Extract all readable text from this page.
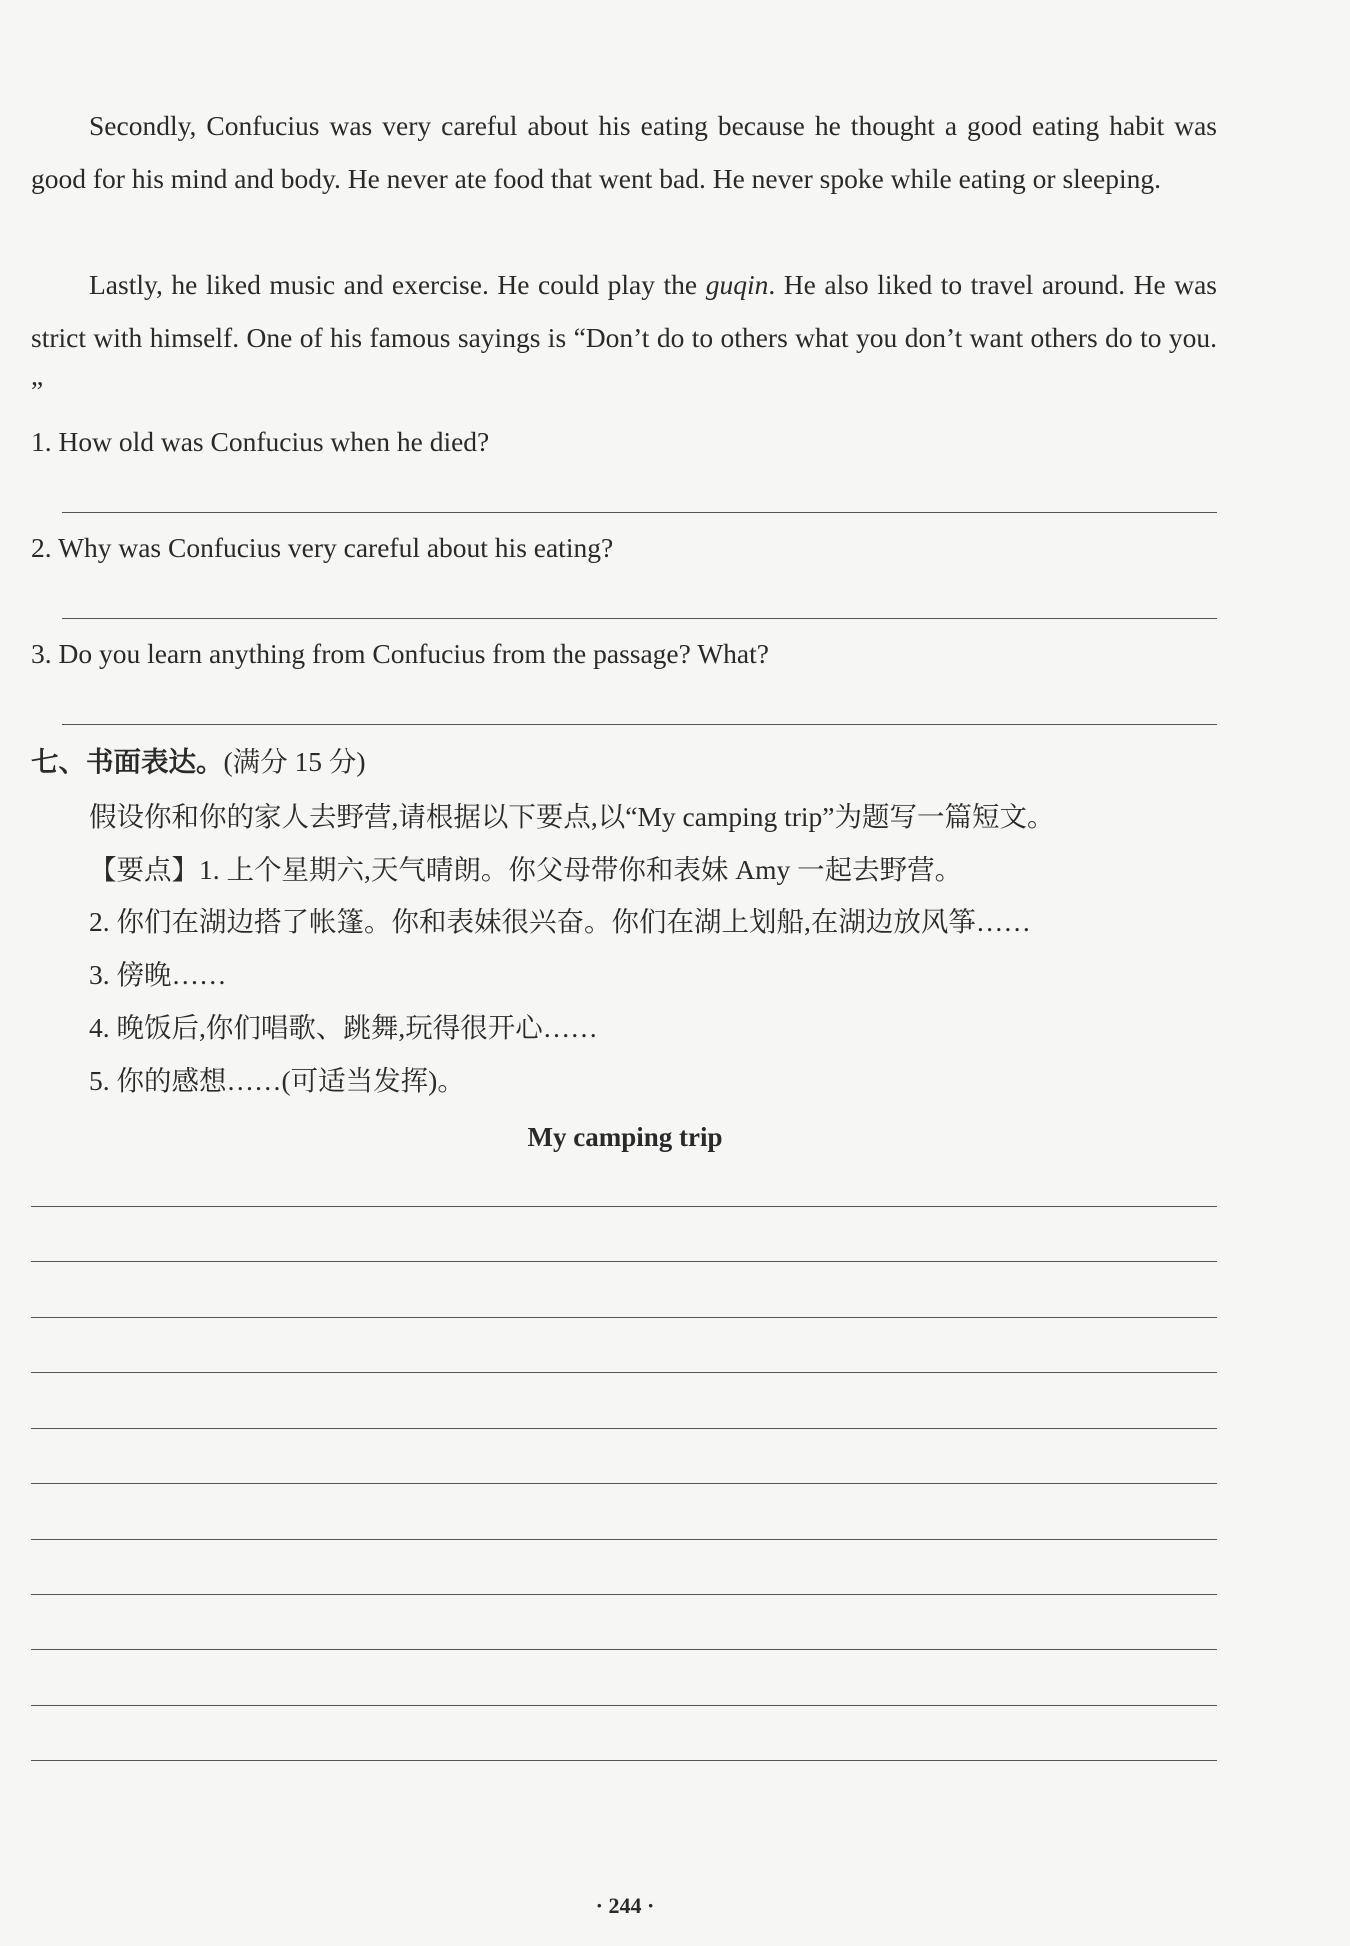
Secondly, Confucius was very careful about his eating because he thought a good eating habit was good for his mind and body. He never ate food that went bad. He never spoke while eating or sleeping.

Lastly, he liked music and exercise. He could play the guqin. He also liked to travel around. He was strict with himself. One of his famous sayings is “Don’t do to others what you don’t want others do to you. ”

1. How old was Confucius when he died?

2. Why was Confucius very careful about his eating?

3. Do you learn anything from Confucius from the passage? What?

七、书面表达。(满分 15 分)

假设你和你的家人去野营,请根据以下要点,以“My camping trip”为题写一篇短文。

【要点】1. 上个星期六,天气晴朗。你父母带你和表妹 Amy 一起去野营。

2. 你们在湖边搭了帐篷。你和表妹很兴奋。你们在湖上划船,在湖边放风筝……

3. 傍晚……

4. 晚饭后,你们唱歌、跳舞,玩得很开心……

5. 你的感想……(可适当发挥)。

My camping trip
· 244 ·
